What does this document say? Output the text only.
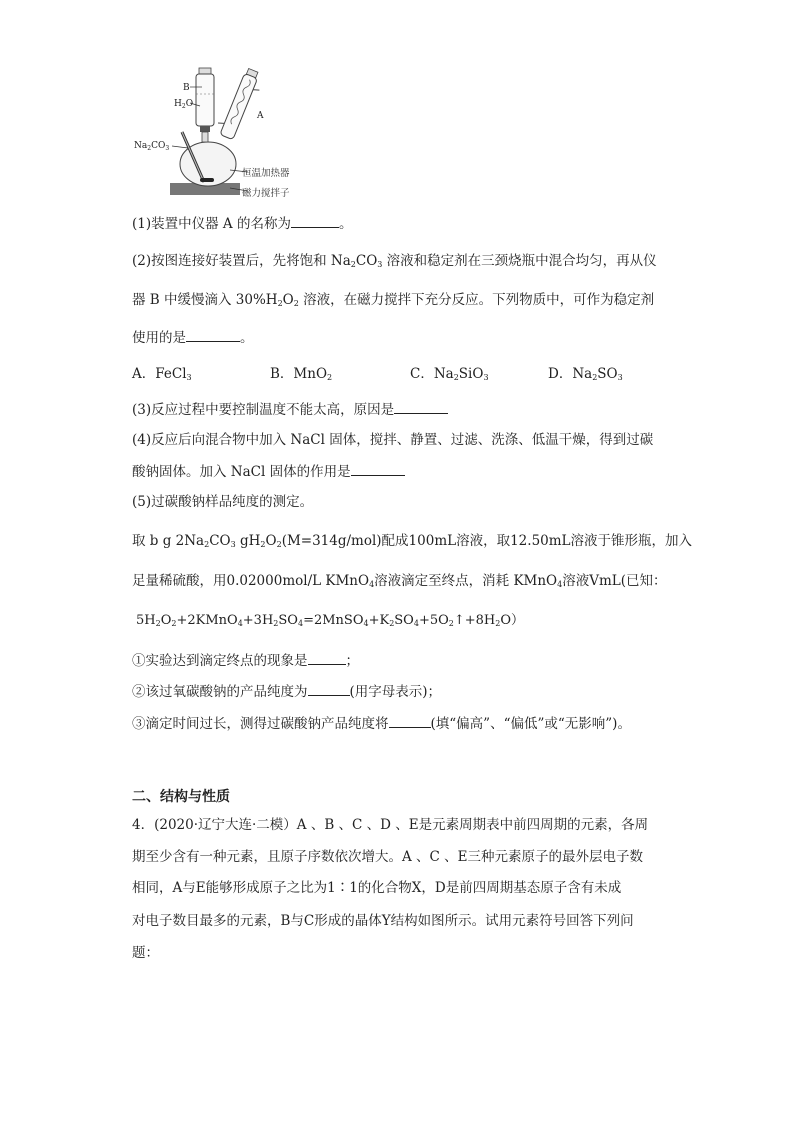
B
$H_2O$
A
$Na_2CO_3$
恒温加热器
磁力搅拌子
(1)装置中仪器 A 的名称为	。
(2)按图连接好装置后，先将饱和 $Na_2CO_3$ 溶液和稳定剂在三颈烧瓶中混合均匀，再从仪
器 B 中缓慢滴入 $30\%H_2O_2$ 溶液，在磁力搅拌下充分反应。下列物质中，可作为稳定剂
使用的是	。
A．FeCl$_3$	B．MnO$_2$	C．$Na_2SiO_3$	D．$Na_2SO_3$
(3)反应过程中要控制温度不能太高，原因是
(4)反应后向混合物中加入 NaCl 固体，搅拌、静置、过滤、洗涤、低温干燥，得到过碳
酸钠固体。加入 NaCl 固体的作用是
(5)过碳酸钠样品纯度的测定。
取 b g $2Na_2CO_3$ $gH_2O_2(M=314g/mol)$配成100mL溶液，取12.50mL溶液于锥形瓶，加入
足量稀硫酸，用0.02000mol/L KMnO$_4$溶液滴定至终点，消耗 KMnO$_4$溶液VmL(已知：
$5H_2O_2+2KMnO_4+3H_2SO_4=2MnSO_4+K_2SO_4+5O_2↑+8H_2O$）
①实验达到滴定终点的现象是	；
②该过氧碳酸钠的产品纯度为	(用字母表示)；
③滴定时间过长，测得过碳酸钠产品纯度将	(填“偏高”、“偏低”或“无影响”)。
二、结构与性质
4．(2020·辽宁大连·二模）A 、B 、C 、D 、E是元素周期表中前四周期的元素，各周
期至少含有一种元素，且原子序数依次增大。A 、C 、E三种元素原子的最外层电子数
相同，A与E能够形成原子之比为1∶1的化合物X，D是前四周期基态原子含有未成
对电子数目最多的元素，B与C形成的晶体Y结构如图所示。试用元素符号回答下列问
题：
